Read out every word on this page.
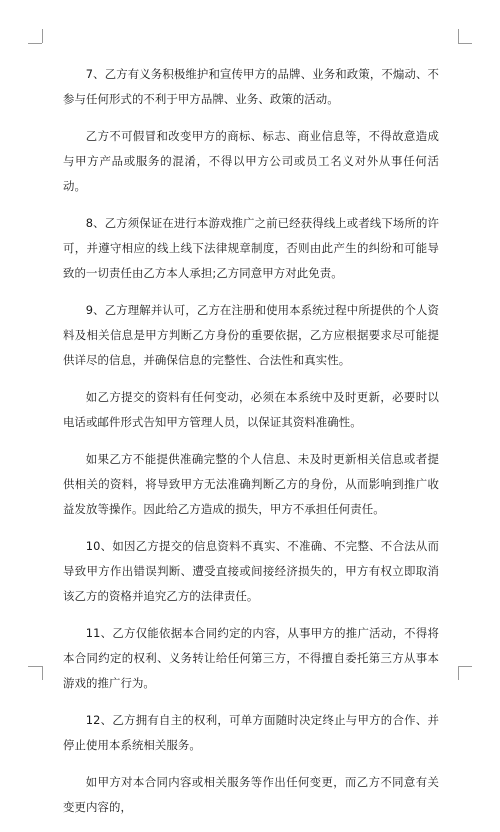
7、乙方有义务积极维护和宣传甲方的品牌、业务和政策，不煽动、不参与任何形式的不利于甲方品牌、业务、政策的活动。

乙方不可假冒和改变甲方的商标、标志、商业信息等，不得故意造成与甲方产品或服务的混淆，不得以甲方公司或员工名义对外从事任何活动。

8、乙方须保证在进行本游戏推广之前已经获得线上或者线下场所的许可，并遵守相应的线上线下法律规章制度，否则由此产生的纠纷和可能导致的一切责任由乙方本人承担;乙方同意甲方对此免责。

9、乙方理解并认可，乙方在注册和使用本系统过程中所提供的个人资料及相关信息是甲方判断乙方身份的重要依据，乙方应根据要求尽可能提供详尽的信息，并确保信息的完整性、合法性和真实性。

如乙方提交的资料有任何变动，必须在本系统中及时更新，必要时以电话或邮件形式告知甲方管理人员，以保证其资料准确性。

如果乙方不能提供准确完整的个人信息、未及时更新相关信息或者提供相关的资料，将导致甲方无法准确判断乙方的身份，从而影响到推广收益发放等操作。因此给乙方造成的损失，甲方不承担任何责任。

10、如因乙方提交的信息资料不真实、不准确、不完整、不合法从而导致甲方作出错误判断、遭受直接或间接经济损失的，甲方有权立即取消该乙方的资格并追究乙方的法律责任。

11、乙方仅能依据本合同约定的内容，从事甲方的推广活动，不得将本合同约定的权利、义务转让给任何第三方，不得擅自委托第三方从事本游戏的推广行为。

12、乙方拥有自主的权利，可单方面随时决定终止与甲方的合作、并停止使用本系统相关服务。

如甲方对本合同内容或相关服务等作出任何变更，而乙方不同意有关变更内容的，
